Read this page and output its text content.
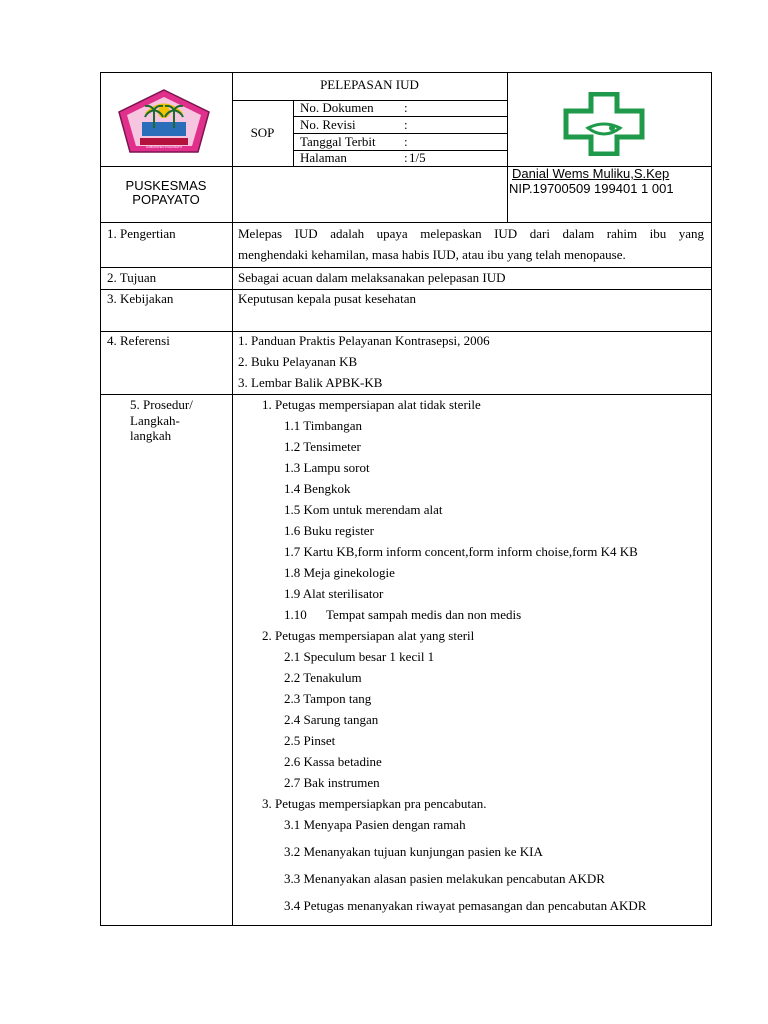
KABUPATEN POHUWATO
PELEPASAN IUD
SOP
No. Dokumen :
No. Revisi	:
Tanggal Terbit :
Halaman	: 1/5
PUSKESMAS
POPAYATO
Danial Wems Muliku,S.Kep
NIP.19700509 199401 1 001
1. Pengertian	Melepas IUD adalah upaya melepaskan IUD dari dalam rahim ibu yang
menghendaki kehamilan, masa habis IUD, atau ibu yang telah menopause.
2. Tujuan	Sebagai acuan dalam melaksanakan pelepasan IUD
3. Kebijakan	Keputusan kepala pusat kesehatan
4. Referensi	1. Panduan Praktis Pelayanan Kontrasepsi, 2006
2. Buku Pelayanan KB
3. Lembar Balik APBK-KB
5. Prosedur/
Langkah-
langkah
1. Petugas mempersiapan alat tidak sterile
1.1 Timbangan
1.2 Tensimeter
1.3 Lampu sorot
1.4 Bengkok
1.5 Kom untuk merendam alat
1.6 Buku register
1.7 Kartu KB,form inform concent,form inform choise,form K4 KB
1.8 Meja ginekologie
1.9 Alat sterilisator
1.10      Tempat sampah medis dan non medis
2. Petugas mempersiapan alat yang steril
2.1 Speculum besar 1 kecil 1
2.2 Tenakulum
2.3 Tampon tang
2.4 Sarung tangan
2.5 Pinset
2.6 Kassa betadine
2.7 Bak instrumen
3. Petugas mempersiapkan pra pencabutan.
3.1 Menyapa Pasien dengan ramah
3.2 Menanyakan tujuan kunjungan pasien ke KIA
3.3 Menanyakan alasan pasien melakukan pencabutan AKDR
3.4 Petugas menanyakan riwayat pemasangan dan pencabutan AKDR
